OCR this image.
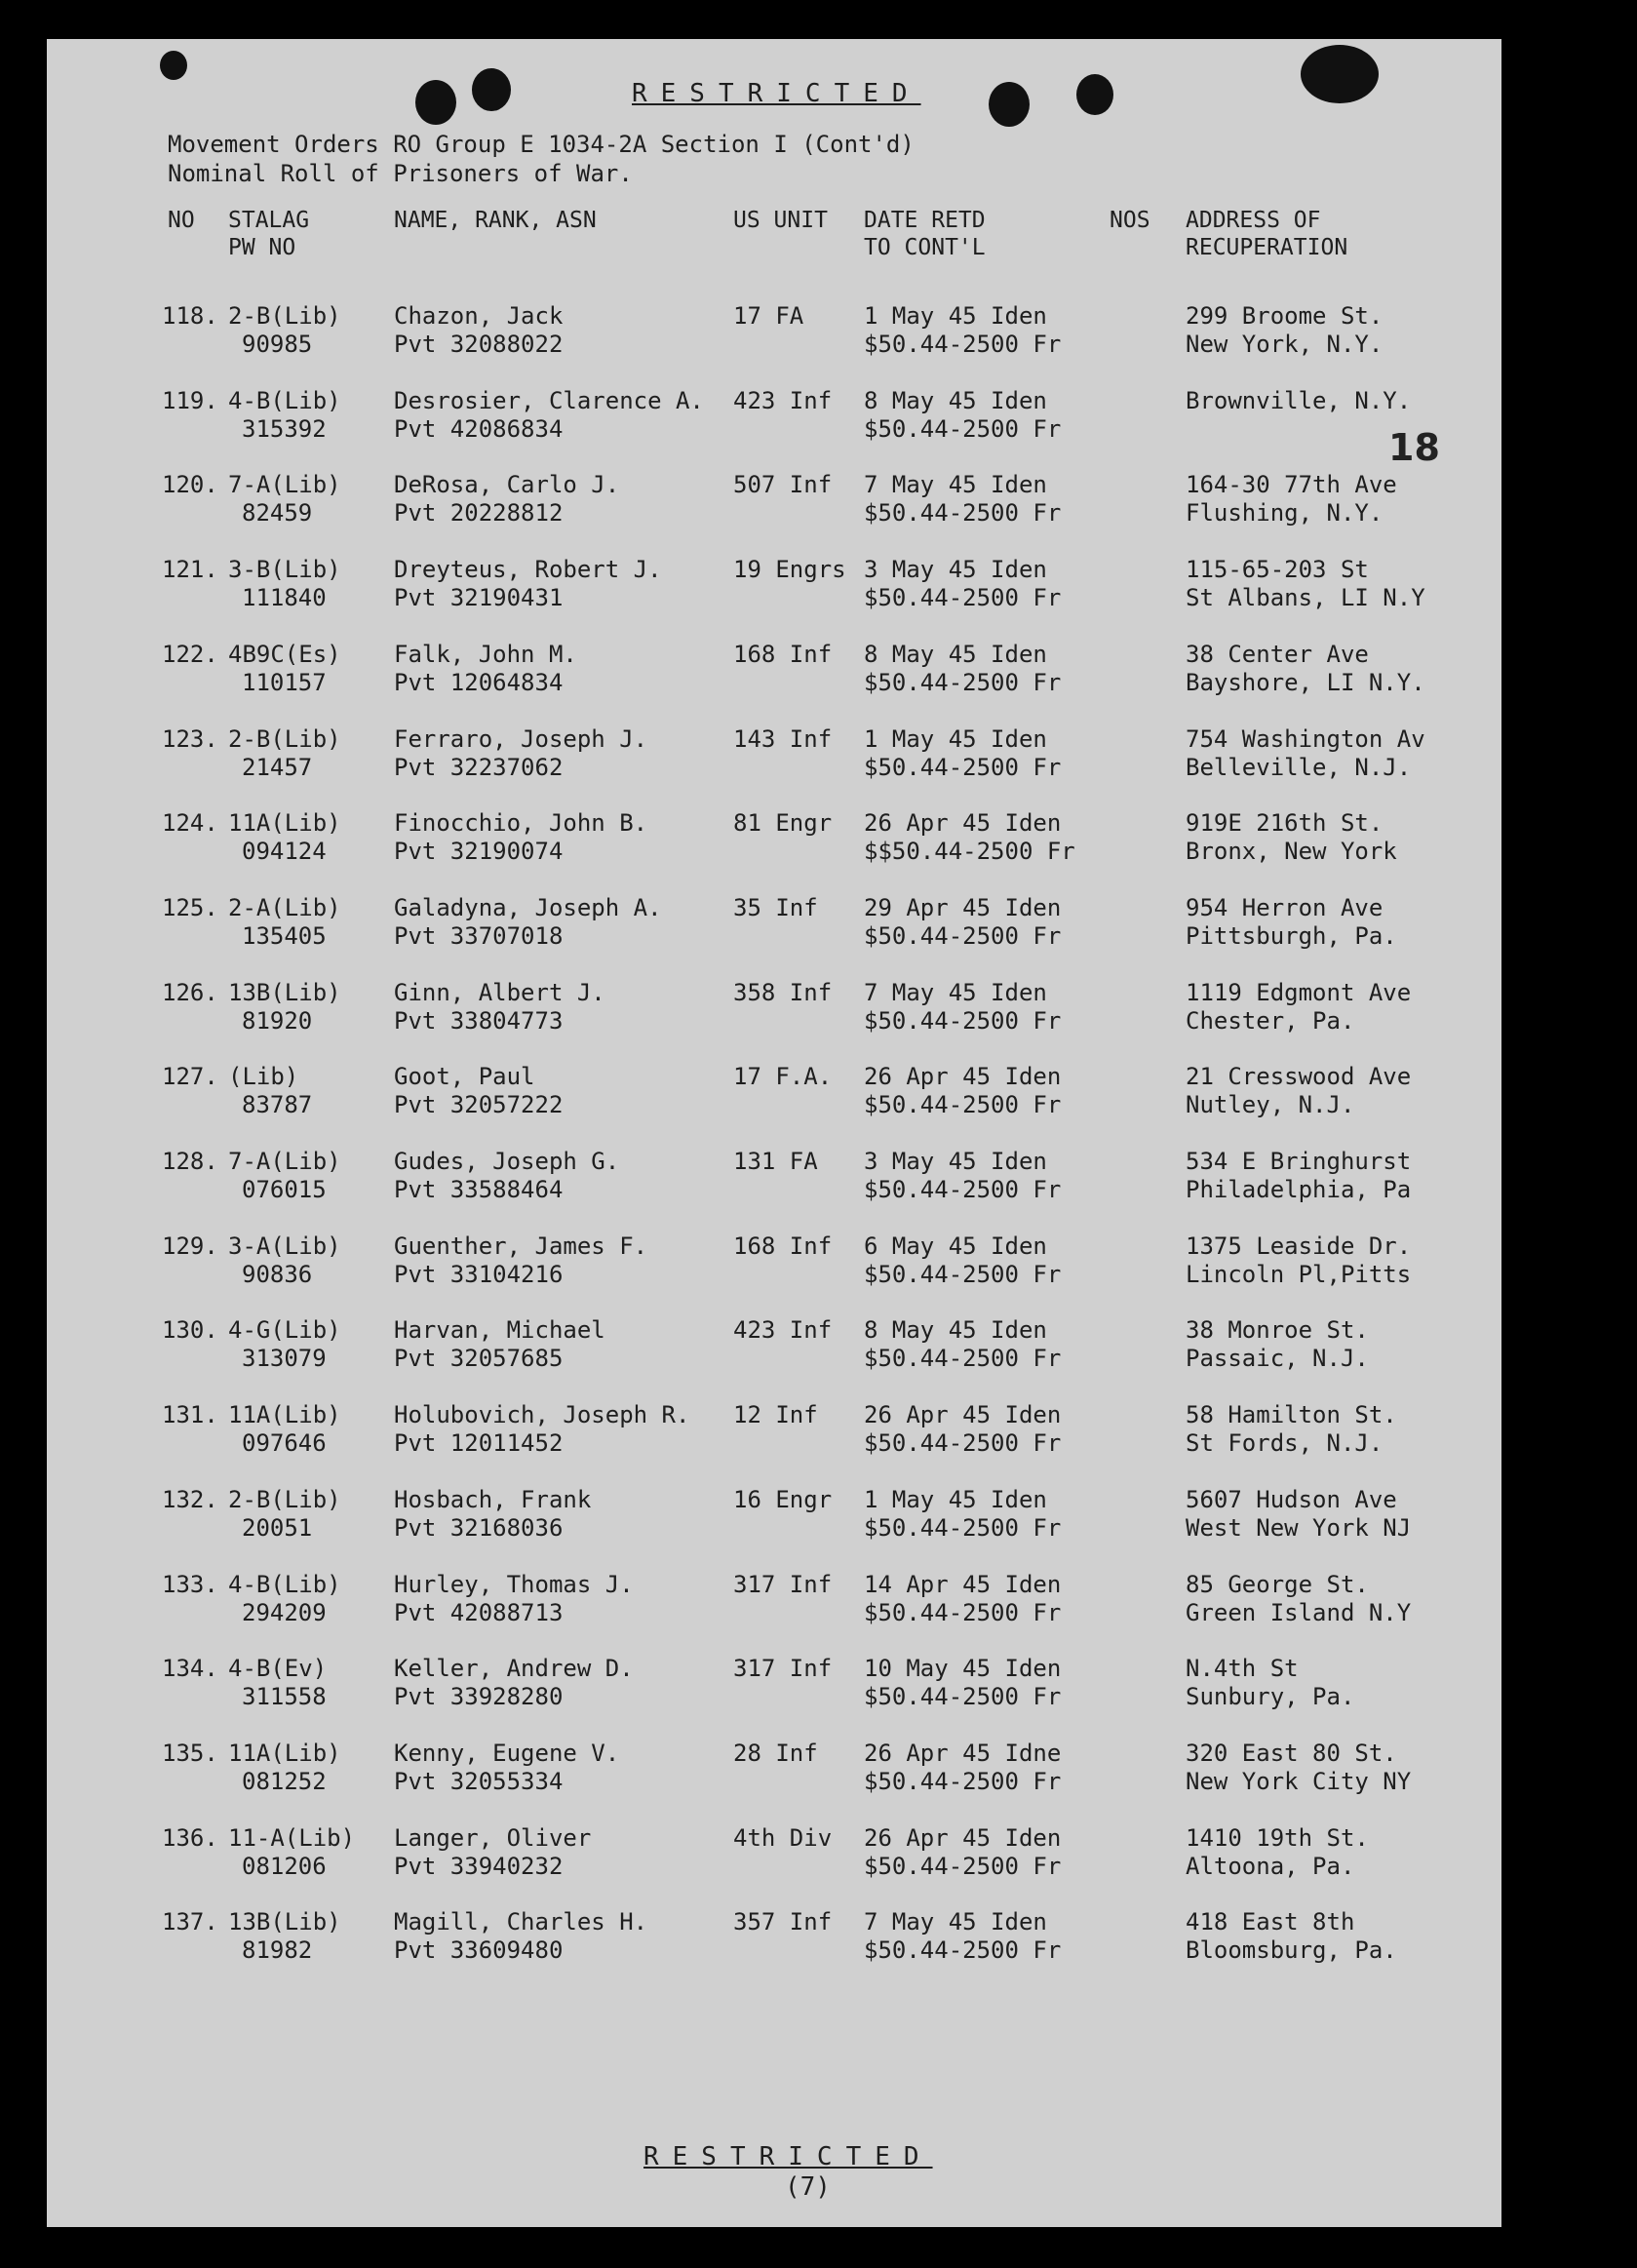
RESTRICTED
Movement Orders RO Group E 1034-2A Section I (Cont'd)
Nominal Roll of Prisoners of War.
NO STALAG
PW NO
NAME, RANK, ASN	US UNIT DATE RETD
TO CONT'L
NOS ADDRESS OF
RECUPERATION
18
118. 2-B(Lib)
90985
Chazon, Jack
Pvt 32088022
17 FA	1 May 45 Iden
$50.44-2500 Fr
299 Broome St.
New York, N.Y.
119. 4-B(Lib)
315392
Desrosier, Clarence A.
Pvt 42086834
423 Inf 8 May 45 Iden
$50.44-2500 Fr
Brownville, N.Y.
120. 7-A(Lib)
82459
DeRosa, Carlo J.
Pvt 20228812
507 Inf 7 May 45 Iden
$50.44-2500 Fr
164-30 77th Ave
Flushing, N.Y.
121. 3-B(Lib)
111840
Dreyteus, Robert J.
Pvt 32190431
19 Engrs 3 May 45 Iden
$50.44-2500 Fr
115-65-203 St
St Albans, LI N.Y
122. 4B9C(Es)
110157
Falk, John M.
Pvt 12064834
168 Inf 8 May 45 Iden
$50.44-2500 Fr
38 Center Ave
Bayshore, LI N.Y.
123. 2-B(Lib)
21457
Ferraro, Joseph J.
Pvt 32237062
143 Inf 1 May 45 Iden
$50.44-2500 Fr
754 Washington Av
Belleville, N.J.
124. 11A(Lib)
094124
Finocchio, John B.
Pvt 32190074
81 Engr 26 Apr 45 Iden
$$50.44-2500 Fr
919E 216th St.
Bronx, New York
125. 2-A(Lib)
135405
Galadyna, Joseph A.
Pvt 33707018
35 Inf 29 Apr 45 Iden
$50.44-2500 Fr
954 Herron Ave
Pittsburgh, Pa.
126. 13B(Lib)
81920
Ginn, Albert J.
Pvt 33804773
358 Inf 7 May 45 Iden
$50.44-2500 Fr
1119 Edgmont Ave
Chester, Pa.
127. (Lib)
83787
Goot, Paul
Pvt 32057222
17 F.A. 26 Apr 45 Iden
$50.44-2500 Fr
21 Cresswood Ave
Nutley, N.J.
128. 7-A(Lib)
076015
Gudes, Joseph G.
Pvt 33588464
131 FA 3 May 45 Iden
$50.44-2500 Fr
534 E Bringhurst
Philadelphia, Pa
129. 3-A(Lib)
90836
Guenther, James F.
Pvt 33104216
168 Inf 6 May 45 Iden
$50.44-2500 Fr
1375 Leaside Dr.
Lincoln Pl,Pitts
130. 4-G(Lib)
313079
Harvan, Michael
Pvt 32057685
423 Inf 8 May 45 Iden
$50.44-2500 Fr
38 Monroe St.
Passaic, N.J.
131. 11A(Lib)
097646
Holubovich, Joseph R.
Pvt 12011452
12 Inf 26 Apr 45 Iden
$50.44-2500 Fr
58 Hamilton St.
St Fords, N.J.
132. 2-B(Lib)
20051
Hosbach, Frank
Pvt 32168036
16 Engr 1 May 45 Iden
$50.44-2500 Fr
5607 Hudson Ave
West New York NJ
133. 4-B(Lib)
294209
Hurley, Thomas J.
Pvt 42088713
317 Inf 14 Apr 45 Iden
$50.44-2500 Fr
85 George St.
Green Island N.Y
134. 4-B(Ev)
311558
Keller, Andrew D.
Pvt 33928280
317 Inf 10 May 45 Iden
$50.44-2500 Fr
N.4th St
Sunbury, Pa.
135. 11A(Lib)
081252
Kenny, Eugene V.
Pvt 32055334
28 Inf 26 Apr 45 Idne
$50.44-2500 Fr
320 East 80 St.
New York City NY
136. 11-A(Lib)
081206
Langer, Oliver
Pvt 33940232
4th Div 26 Apr 45 Iden
$50.44-2500 Fr
1410 19th St.
Altoona, Pa.
137. 13B(Lib)
81982
Magill, Charles H.
Pvt 33609480
357 Inf 7 May 45 Iden
$50.44-2500 Fr
418 East 8th
Bloomsburg, Pa.
RESTRICTED
(7)
